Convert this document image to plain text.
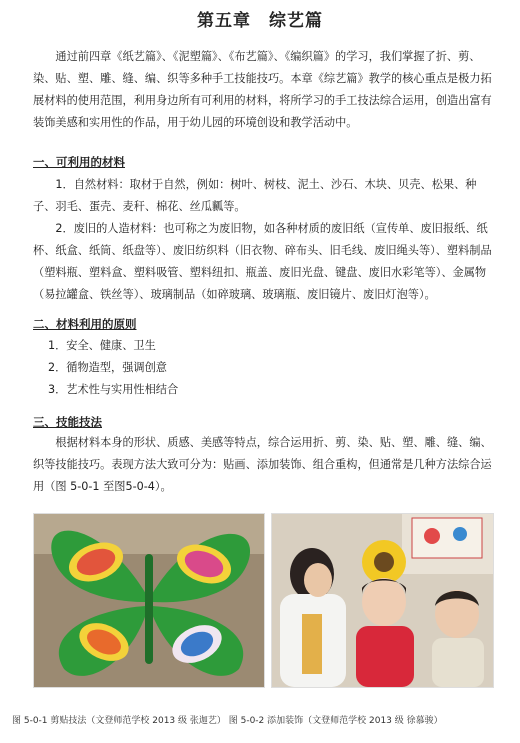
第五章　综艺篇

通过前四章《纸艺篇》、《泥塑篇》、《布艺篇》、《编织篇》的学习，我们掌握了折、剪、染、贴、塑、雕、缝、编、织等多种手工技能技巧。本章《综艺篇》教学的核心重点是极力拓展材料的使用范围，利用身边所有可利用的材料，将所学习的手工技法综合运用，创造出富有装饰美感和实用性的作品，用于幼儿园的环境创设和教学活动中。

一、可利用的材料

1．自然材料：取材于自然，例如：树叶、树枝、泥土、沙石、木块、贝壳、松果、种子、羽毛、蛋壳、麦秆、棉花、丝瓜瓤等。

2．废旧的人造材料：也可称之为废旧物，如各种材质的废旧纸（宣传单、废旧报纸、纸杯、纸盒、纸筒、纸盘等）、废旧纺织料（旧衣物、碎布头、旧毛线、废旧绳头等）、塑料制品（塑料瓶、塑料盒、塑料吸管、塑料纽扣、瓶盖、废旧光盘、键盘、废旧水彩笔等）、金属物（易拉罐盒、铁丝等）、玻璃制品（如碎玻璃、玻璃瓶、废旧镜片、废旧灯泡等）。

二、材料利用的原则
1．安全、健康、卫生
2．循物造型，强调创意
3．艺术性与实用性相结合
三、技能技法

根据材料本身的形状、质感、美感等特点，综合运用折、剪、染、贴、塑、雕、缝、编、织等技能技巧。表现方法大致可分为：贴画、添加装饰、组合重构，但通常是几种方法综合运用（图 5-0-1 至图5-0-4）。

图 5-0-1 剪贴技法（文登师范学校 2013 级 张迦艺） 图 5-0-2 添加装饰（文登师范学校 2013 级 徐慕骏）
